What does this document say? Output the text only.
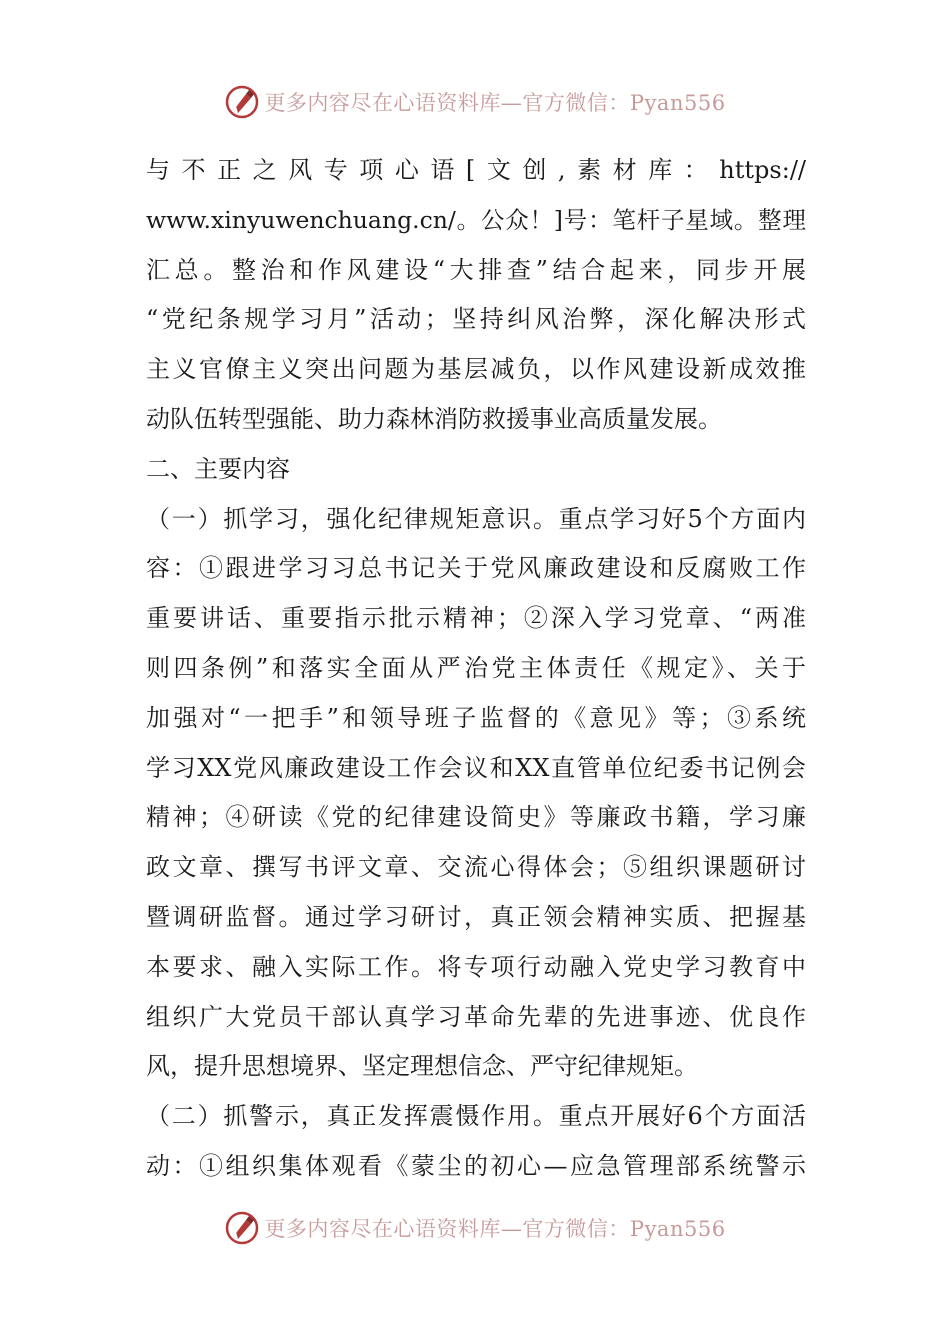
更多内容尽在心语资料库—官方微信：Pyan556
与不正之风专项心语[文创,素材库：https://
www.xinyuwenchuang.cn/。公众！]号：笔杆子星域。整理
汇总。整治和作风建设“大排查”结合起来，同步开展
“党纪条规学习月”活动；坚持纠风治弊，深化解决形式
主义官僚主义突出问题为基层减负，以作风建设新成效推
动队伍转型强能、助力森林消防救援事业高质量发展。
二、主要内容
（一）抓学习，强化纪律规矩意识。重点学习好5个方面内
容：①跟进学习习总书记关于党风廉政建设和反腐败工作
重要讲话、重要指示批示精神；②深入学习党章、“两准
则四条例”和落实全面从严治党主体责任《规定》、关于
加强对“一把手”和领导班子监督的《意见》等；③系统
学习XX党风廉政建设工作会议和XX直管单位纪委书记例会
精神；④研读《党的纪律建设简史》等廉政书籍，学习廉
政文章、撰写书评文章、交流心得体会；⑤组织课题研讨
暨调研监督。通过学习研讨，真正领会精神实质、把握基
本要求、融入实际工作。将专项行动融入党史学习教育中
组织广大党员干部认真学习革命先辈的先进事迹、优良作
风，提升思想境界、坚定理想信念、严守纪律规矩。
（二）抓警示，真正发挥震慑作用。重点开展好6个方面活
动：①组织集体观看《蒙尘的初心—应急管理部系统警示
更多内容尽在心语资料库—官方微信：Pyan556
